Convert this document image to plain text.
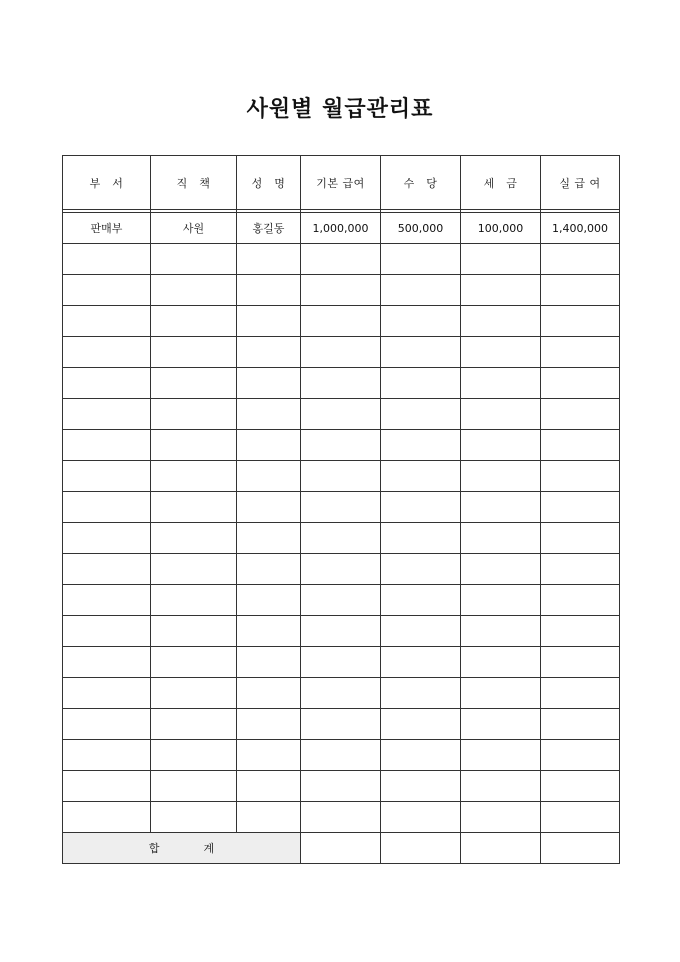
사원별 월급관리표
부　서	직　책	성　명	기본 급여	수　당	세　금	실 급 여

판매부	사원	홍길동	1,000,000	500,000	100,000	1,400,000

합　　　　계						
